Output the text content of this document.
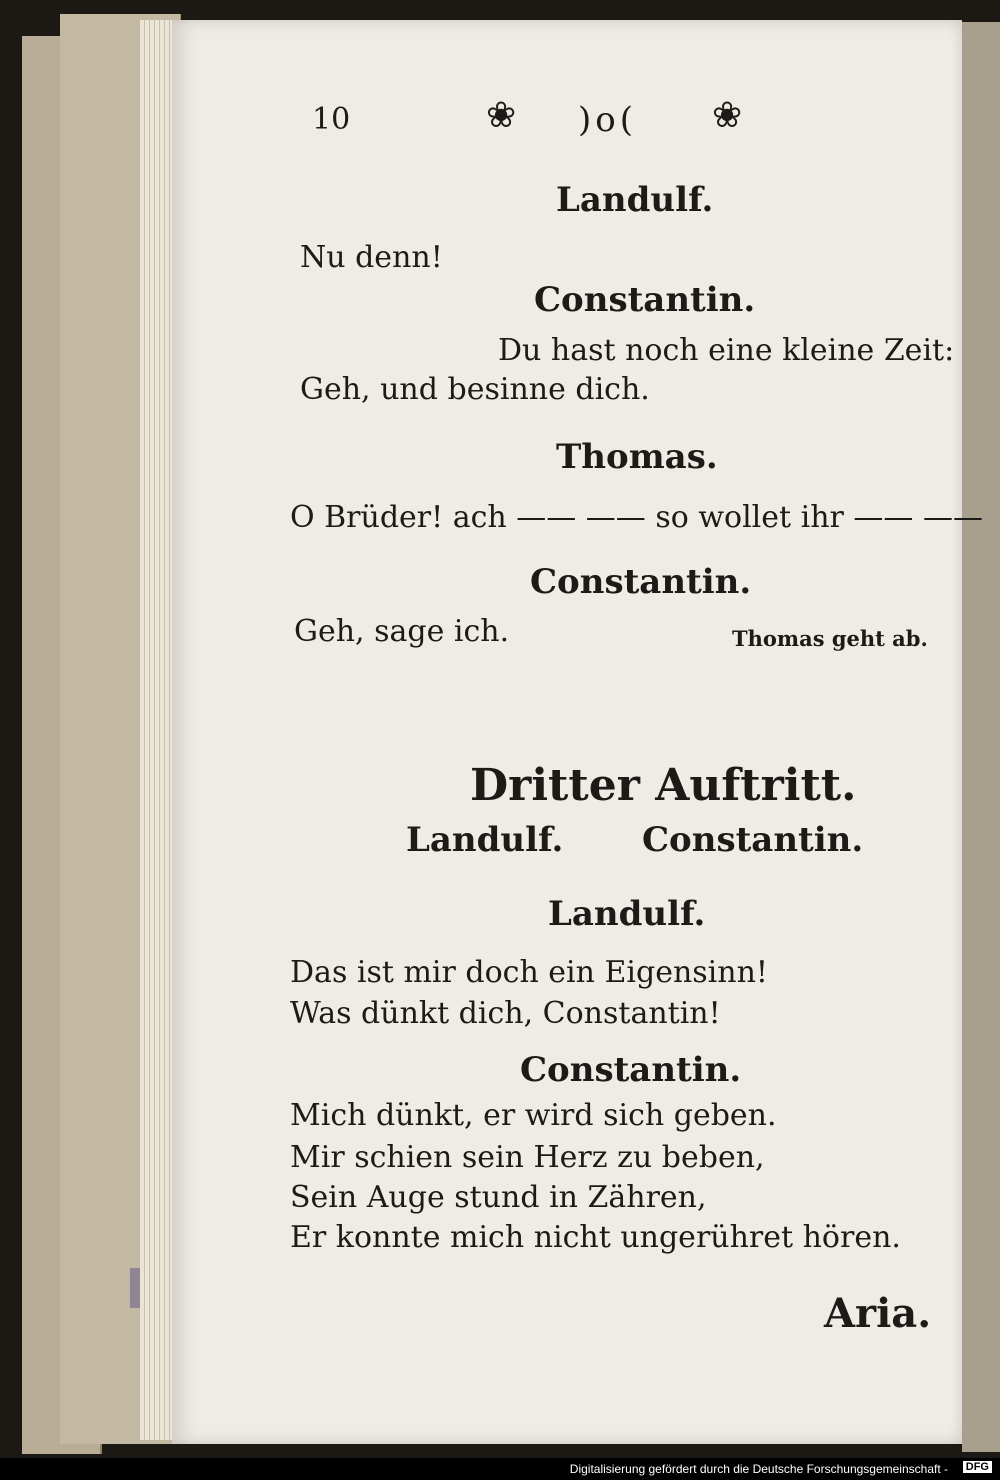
10	❀ )o( ❀
Landulf.
Nu denn!
Constantin.
Du hast noch eine kleine Zeit:
Geh, und besinne dich.
Thomas.
O Brüder! ach —— —— so wollet ihr —— ——
Constantin.
Geh, sage ich.	Thomas geht ab.
Dritter Auftritt.
Landulf. Constantin.
Landulf.
Das ist mir doch ein Eigensinn!
Was dünkt dich, Constantin!
Constantin.
Mich dünkt, er wird sich geben.
Mir schien sein Herz zu beben,
Sein Auge stund in Zähren,
Er konnte mich nicht ungerühret hören.
Aria.
Digitalisierung gefördert durch die Deutsche Forschungsgemeinschaft - DFG
